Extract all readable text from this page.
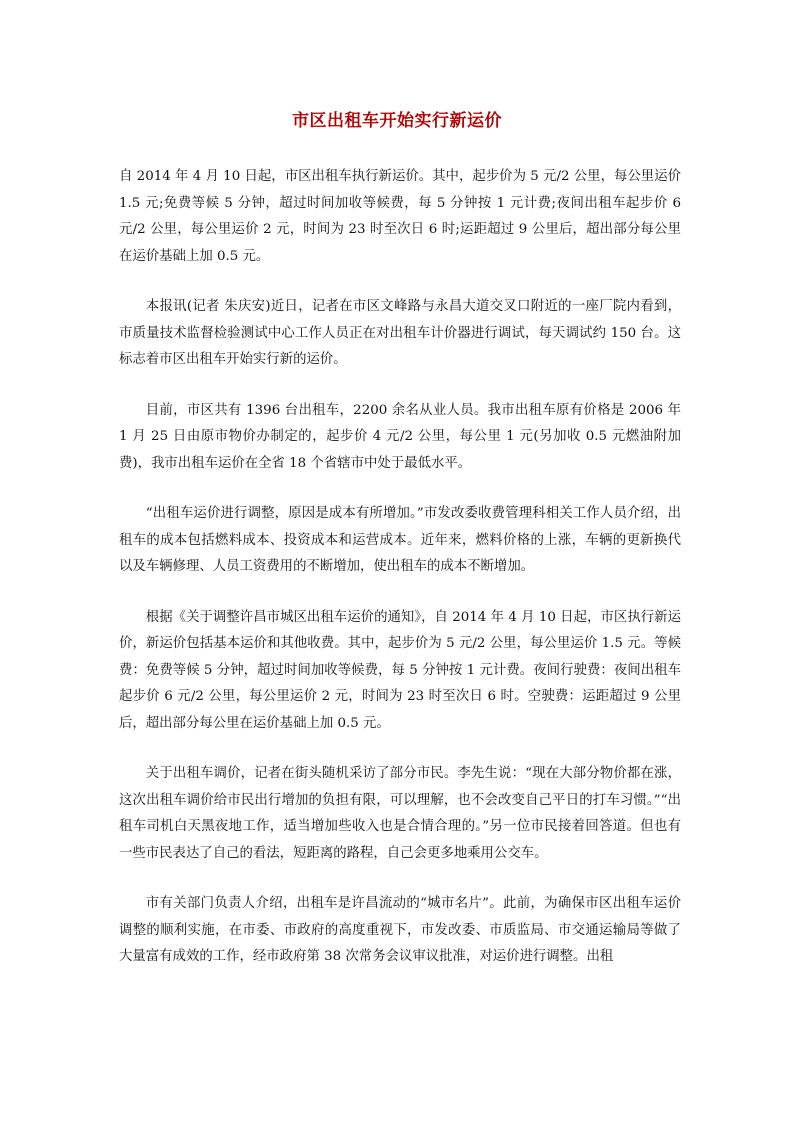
市区出租车开始实行新运价

自 2014 年 4 月 10 日起，市区出租车执行新运价。其中，起步价为 5 元/2 公里，每公里运价 1.5 元;免费等候 5 分钟，超过时间加收等候费，每 5 分钟按 1 元计费;夜间出租车起步价 6 元/2 公里，每公里运价 2 元，时间为 23 时至次日 6 时;运距超过 9 公里后，超出部分每公里在运价基础上加 0.5 元。

本报讯(记者 朱庆安)近日，记者在市区文峰路与永昌大道交叉口附近的一座厂院内看到，市质量技术监督检验测试中心工作人员正在对出租车计价器进行调试，每天调试约 150 台。这标志着市区出租车开始实行新的运价。

目前，市区共有 1396 台出租车，2200 余名从业人员。我市出租车原有价格是 2006 年 1 月 25 日由原市物价办制定的，起步价 4 元/2 公里，每公里 1 元(另加收 0.5 元燃油附加费)，我市出租车运价在全省 18 个省辖市中处于最低水平。

“出租车运价进行调整，原因是成本有所增加。”市发改委收费管理科相关工作人员介绍，出租车的成本包括燃料成本、投资成本和运营成本。近年来，燃料价格的上涨，车辆的更新换代以及车辆修理、人员工资费用的不断增加，使出租车的成本不断增加。

根据《关于调整许昌市城区出租车运价的通知》，自 2014 年 4 月 10 日起，市区执行新运价，新运价包括基本运价和其他收费。其中，起步价为 5 元/2 公里，每公里运价 1.5 元。等候费：免费等候 5 分钟，超过时间加收等候费，每 5 分钟按 1 元计费。夜间行驶费：夜间出租车起步价 6 元/2 公里，每公里运价 2 元，时间为 23 时至次日 6 时。空驶费：运距超过 9 公里后，超出部分每公里在运价基础上加 0.5 元。

关于出租车调价，记者在街头随机采访了部分市民。李先生说：“现在大部分物价都在涨，这次出租车调价给市民出行增加的负担有限，可以理解，也不会改变自己平日的打车习惯。”“出租车司机白天黑夜地工作，适当增加些收入也是合情合理的。”另一位市民接着回答道。但也有一些市民表达了自己的看法，短距离的路程，自己会更多地乘用公交车。

市有关部门负责人介绍，出租车是许昌流动的“城市名片”。此前，为确保市区出租车运价调整的顺利实施，在市委、市政府的高度重视下，市发改委、市质监局、市交通运输局等做了大量富有成效的工作，经市政府第 38 次常务会议审议批准，对运价进行调整。出租
